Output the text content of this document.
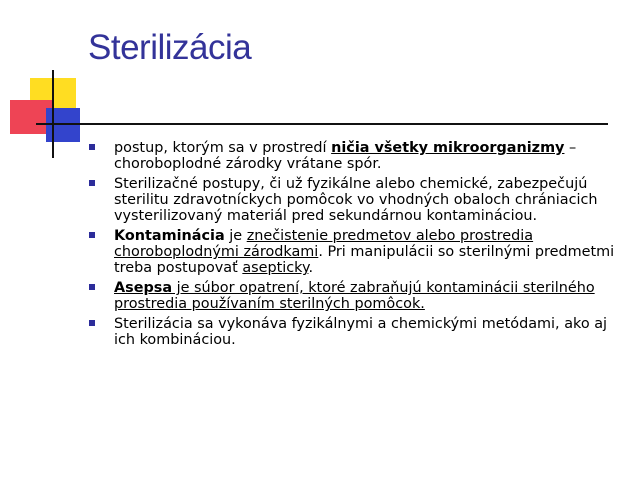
Sterilizácia
postup, ktorým sa v prostredí ničia všetky mikroorganizmy – choroboplodné zárodky vrátane spór.
Sterilizačné postupy, či už fyzikálne alebo chemické, zabezpečujú sterilitu zdravotníckych pomôcok vo vhodných obaloch chrániacich vysterilizovaný materiál pred sekundárnou kontamináciou.
Kontaminácia je znečistenie predmetov alebo prostredia choroboplodnými zárodkami. Pri manipulácii so sterilnými predmetmi treba postupovať asepticky.
Asepsa je súbor opatrení, ktoré zabraňujú kontaminácii sterilného prostredia používaním sterilných pomôcok.
Sterilizácia sa vykonáva fyzikálnymi a chemickými metódami, ako aj ich kombináciou.
